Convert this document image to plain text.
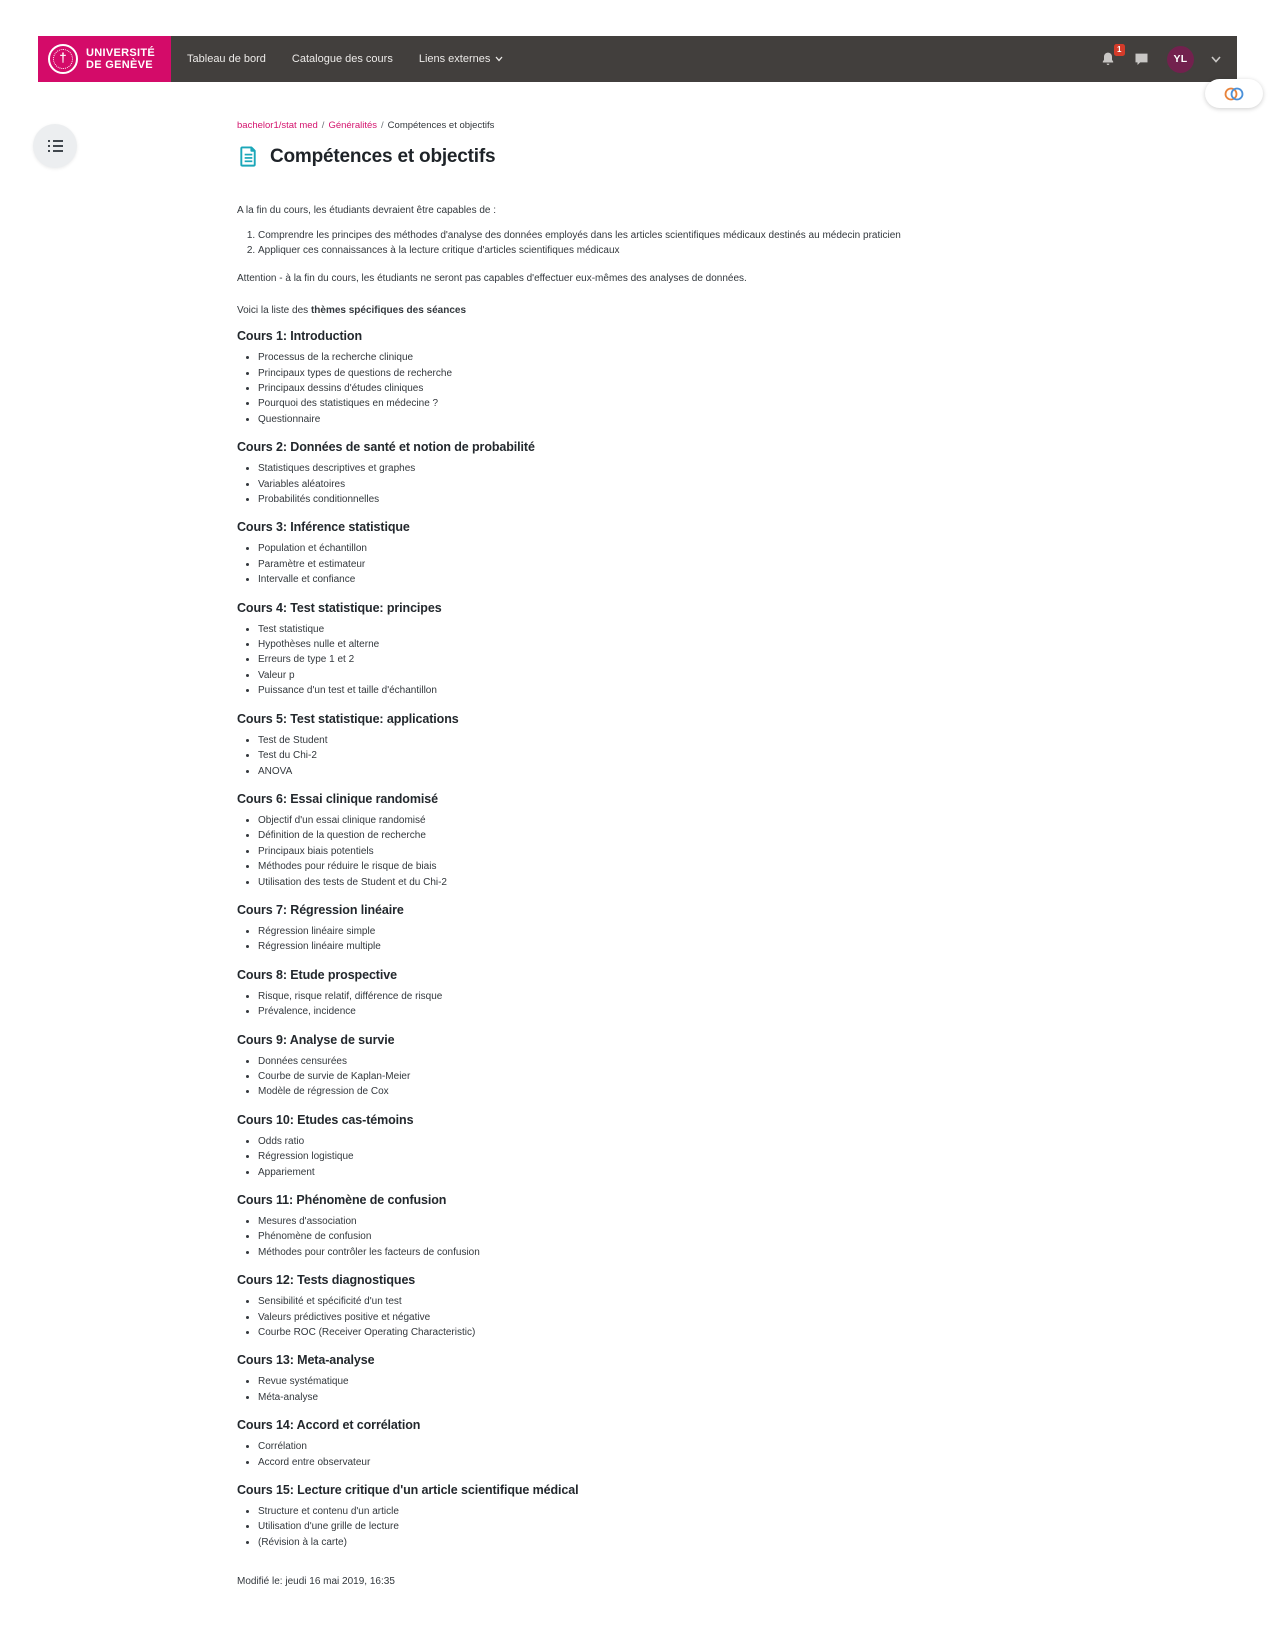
†
UNIVERSITÉ
DE GENÈVE	Tableau de bord Catalogue des cours Liens externes
1
YL
bachelor1/stat med / Généralités / Compétences et objectifs
Compétences et objectifs

A la fin du cours, les étudiants devraient être capables de :

1. Comprendre les principes des méthodes d'analyse des données employés dans les articles scientifiques médicaux destinés au médecin praticien
2. Appliquer ces connaissances à la lecture critique d'articles scientifiques médicaux

Attention - à la fin du cours, les étudiants ne seront pas capables d'effectuer eux-mêmes des analyses de données.

Voici la liste des thèmes spécifiques des séances

Cours 1: Introduction
• Processus de la recherche clinique
• Principaux types de questions de recherche
• Principaux dessins d'études cliniques
• Pourquoi des statistiques en médecine ?
• Questionnaire
Cours 2: Données de santé et notion de probabilité
• Statistiques descriptives et graphes
• Variables aléatoires
• Probabilités conditionnelles
Cours 3: Inférence statistique
• Population et échantillon
• Paramètre et estimateur
• Intervalle et confiance
Cours 4: Test statistique: principes
• Test statistique
• Hypothèses nulle et alterne
• Erreurs de type 1 et 2
• Valeur p
• Puissance d'un test et taille d'échantillon
Cours 5: Test statistique: applications
• Test de Student
• Test du Chi-2
• ANOVA
Cours 6: Essai clinique randomisé
• Objectif d'un essai clinique randomisé
• Définition de la question de recherche
• Principaux biais potentiels
• Méthodes pour réduire le risque de biais
• Utilisation des tests de Student et du Chi-2
Cours 7: Régression linéaire
• Régression linéaire simple
• Régression linéaire multiple
Cours 8: Etude prospective
• Risque, risque relatif, différence de risque
• Prévalence, incidence
Cours 9: Analyse de survie
• Données censurées
• Courbe de survie de Kaplan-Meier
• Modèle de régression de Cox
Cours 10: Etudes cas-témoins
• Odds ratio
• Régression logistique
• Appariement
Cours 11: Phénomène de confusion
• Mesures d'association
• Phénomène de confusion
• Méthodes pour contrôler les facteurs de confusion
Cours 12: Tests diagnostiques
• Sensibilité et spécificité d'un test
• Valeurs prédictives positive et négative
• Courbe ROC (Receiver Operating Characteristic)
Cours 13: Meta-analyse
• Revue systématique
• Méta-analyse
Cours 14: Accord et corrélation
• Corrélation
• Accord entre observateur
Cours 15: Lecture critique d'un article scientifique médical
• Structure et contenu d'un article
• Utilisation d'une grille de lecture
• (Révision à la carte)

Modifié le: jeudi 16 mai 2019, 16:35
